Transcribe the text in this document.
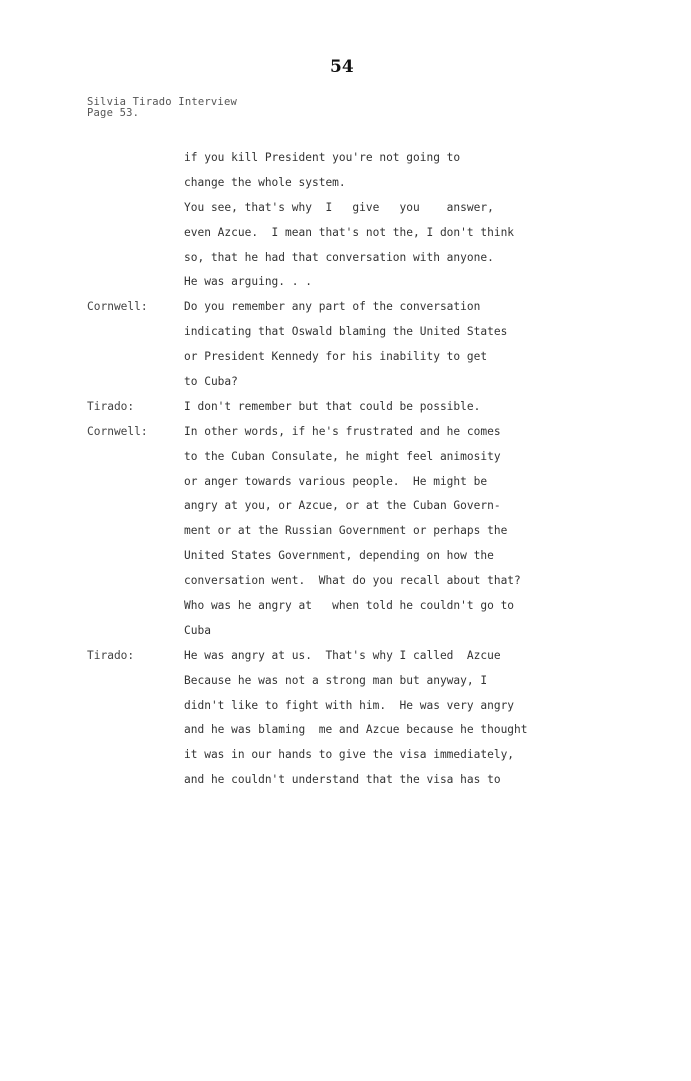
54
Silvia Tirado Interview
Page 53.
if you kill President you're not going to
change the whole system.
You see, that's why  I   give   you    answer,
even Azcue.  I mean that's not the, I don't think
so, that he had that conversation with anyone.
He was arguing. . .
Cornwell:	Do you remember any part of the conversation
indicating that Oswald blaming the United States
or President Kennedy for his inability to get
to Cuba?
Tirado:	I don't remember but that could be possible.
Cornwell:	In other words, if he's frustrated and he comes
to the Cuban Consulate, he might feel animosity
or anger towards various people.  He might be
angry at you, or Azcue, or at the Cuban Govern-
ment or at the Russian Government or perhaps the
United States Government, depending on how the
conversation went.  What do you recall about that?
Who was he angry at   when told he couldn't go to
Cuba
Tirado:	He was angry at us.  That's why I called  Azcue
Because he was not a strong man but anyway, I
didn't like to fight with him.  He was very angry
and he was blaming  me and Azcue because he thought
it was in our hands to give the visa immediately,
and he couldn't understand that the visa has to
